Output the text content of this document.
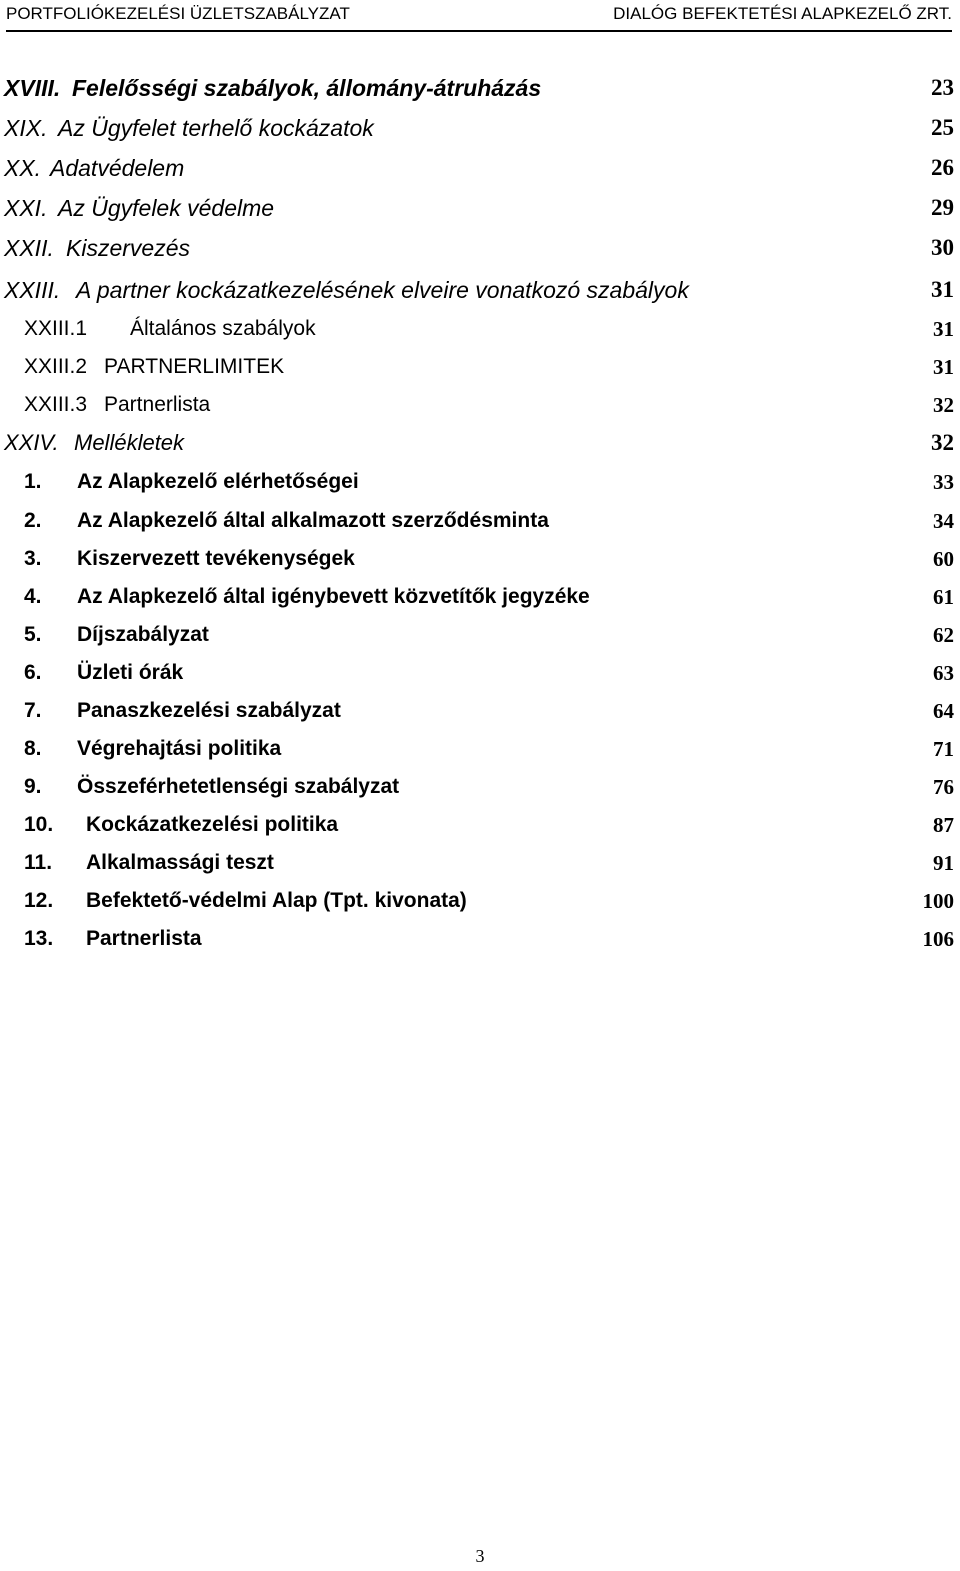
PORTFOLIÓKEZELÉSI ÜZLETSZABÁLYZAT	DIALÓG BEFEKTETÉSI ALAPKEZELŐ ZRT.
XVIII. Felelősségi szabályok, állomány-átruházás	23
XIX. Az Ügyfelet terhelő kockázatok	25
XX. Adatvédelem	26
XXI. Az Ügyfelek védelme	29
XXII. Kiszervezés	30
XXIII. A partner kockázatkezelésének elveire vonatkozó szabályok	31
XXIII.1 Általános szabályok	31
XXIII.2 PARTNERLIMITEK	31
XXIII.3 Partnerlista	32
XXIV. Mellékletek	32
1. Az Alapkezelő elérhetőségei	33
2. Az Alapkezelő által alkalmazott szerződésminta	34
3. Kiszervezett tevékenységek	60
4. Az Alapkezelő által igénybevett közvetítők jegyzéke	61
5. Díjszabályzat	62
6. Üzleti órák	63
7. Panaszkezelési szabályzat	64
8. Végrehajtási politika	71
9. Összeférhetetlenségi szabályzat	76
10. Kockázatkezelési politika	87
11. Alkalmassági teszt	91
12. Befektető-védelmi Alap (Tpt. kivonata)	100
13. Partnerlista	106
3
